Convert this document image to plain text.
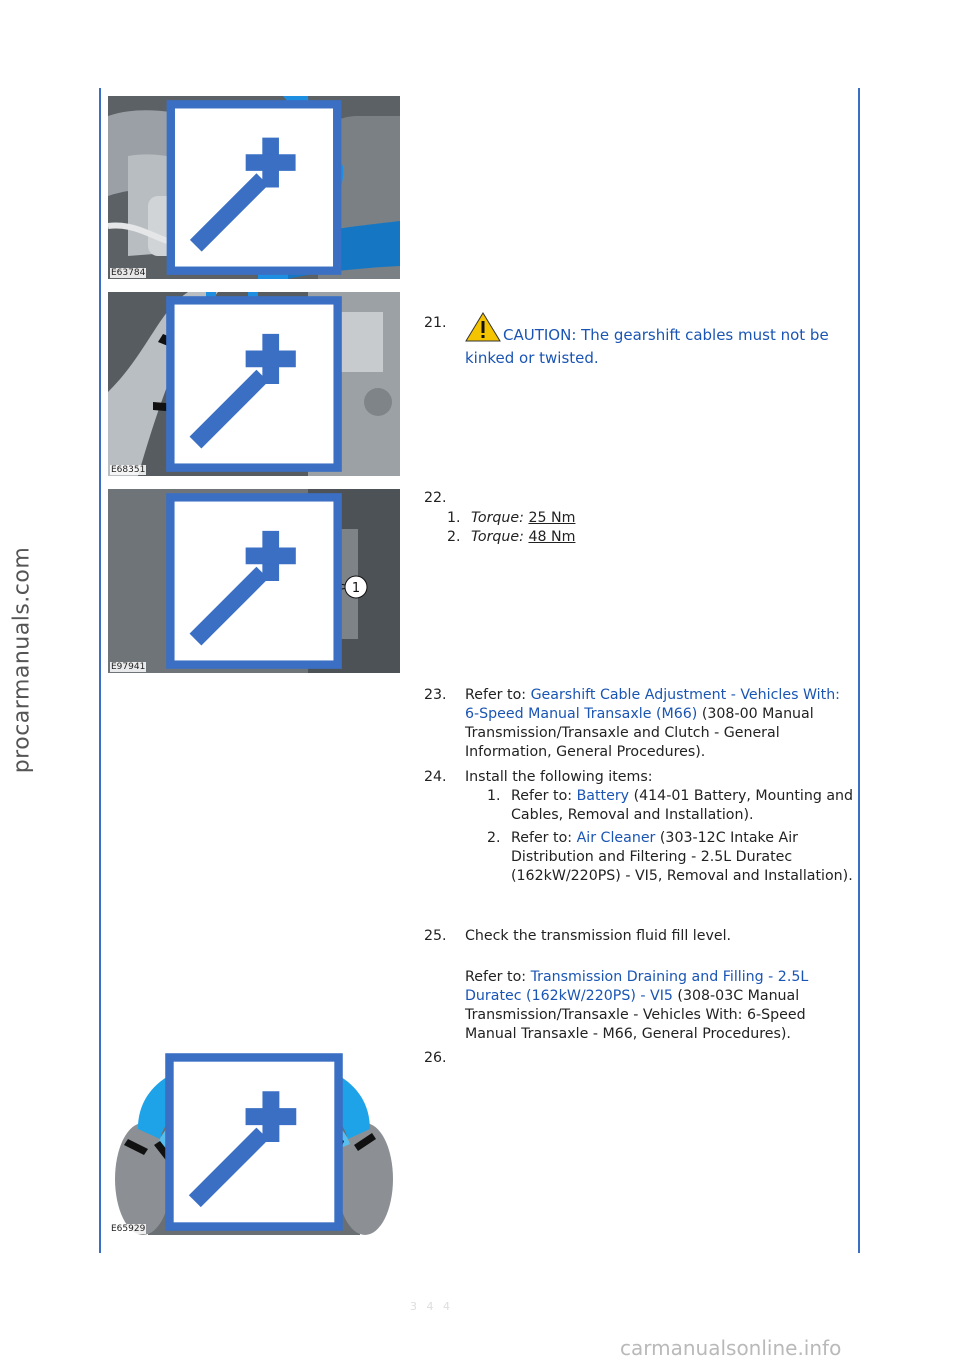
procarmanuals.com
E63784
E68351
1
E97941
E65929
21.
CAUTION: The gearshift cables must not be kinked or twisted.
22.
1. Torque: 25 Nm
2. Torque: 48 Nm
23. Refer to: Gearshift Cable Adjustment - Vehicles With: 6-Speed Manual Transaxle (M66) (308-00 Manual Transmission/Transaxle and Clutch - General Information, General Procedures).
24. Install the following items:
1. Refer to: Battery (414-01 Battery, Mounting and Cables, Removal and Installation).
2. Refer to: Air Cleaner (303-12C Intake Air Distribution and Filtering - 2.5L Duratec (162kW/220PS) - VI5, Removal and Installation).
25. Check the transmission fluid fill level.
Refer to: Transmission Draining and Filling - 2.5L Duratec (162kW/220PS) - VI5 (308-03C Manual Transmission/Transaxle - Vehicles With: 6-Speed Manual Transaxle - M66, General Procedures).
26.
3 4 4
carmanualsonline.info
